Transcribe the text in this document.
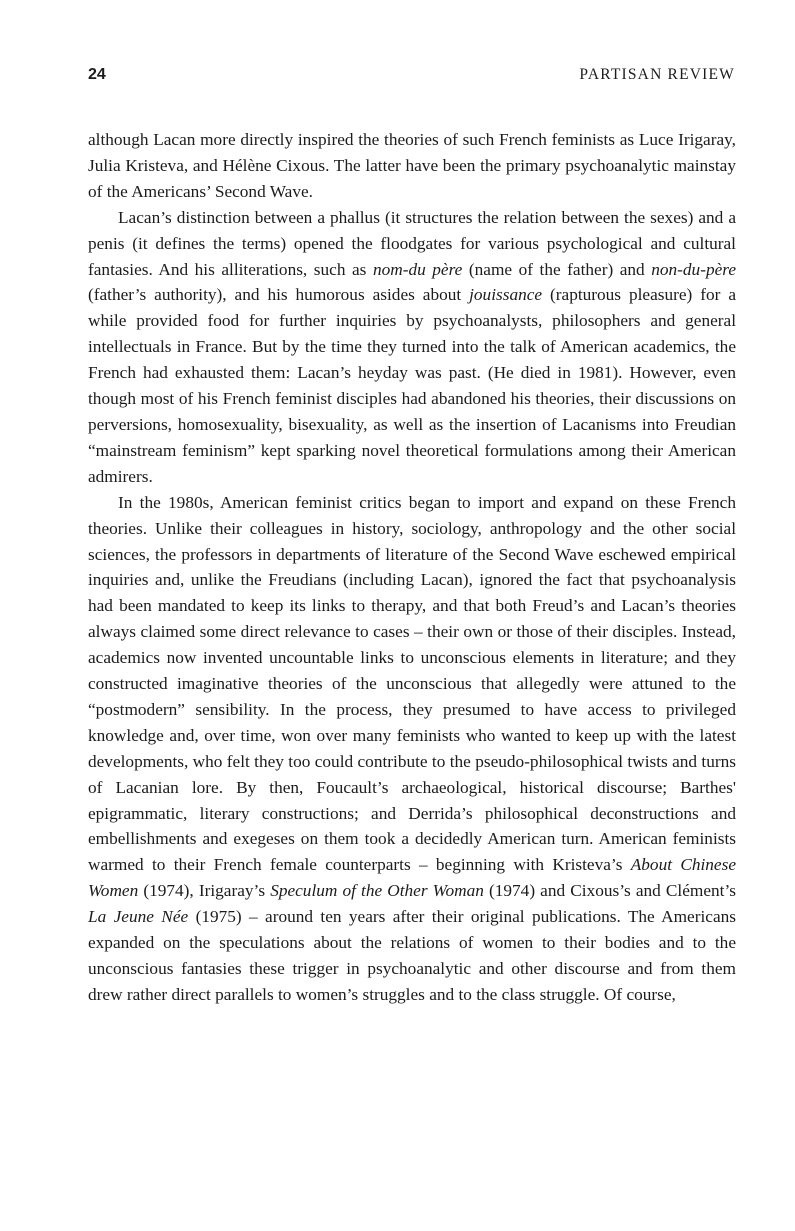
24	PARTISAN REVIEW

although Lacan more directly inspired the theories of such French feminists as Luce Irigaray, Julia Kristeva, and Hélène Cixous. The latter have been the primary psychoanalytic mainstay of the Americans’ Second Wave.

Lacan’s distinction between a phallus (it structures the relation between the sexes) and a penis (it defines the terms) opened the floodgates for various psychological and cultural fantasies. And his alliterations, such as nom-du père (name of the father) and non-du-père (father’s authority), and his humorous asides about jouissance (rapturous pleasure) for a while provided food for further inquiries by psychoanalysts, philosophers and general intellectuals in France. But by the time they turned into the talk of American academics, the French had exhausted them: Lacan’s heyday was past. (He died in 1981). However, even though most of his French feminist disciples had abandoned his theories, their discussions on perversions, homosexuality, bisexuality, as well as the insertion of Lacanisms into Freudian “mainstream feminism” kept sparking novel theoretical formulations among their American admirers.

In the 1980s, American feminist critics began to import and expand on these French theories. Unlike their colleagues in history, sociology, anthropology and the other social sciences, the professors in departments of literature of the Second Wave eschewed empirical inquiries and, unlike the Freudians (including Lacan), ignored the fact that psychoanalysis had been mandated to keep its links to therapy, and that both Freud’s and Lacan’s theories always claimed some direct relevance to cases – their own or those of their disciples. Instead, academics now invented uncountable links to unconscious elements in literature; and they constructed imaginative theories of the unconscious that allegedly were attuned to the “postmodern” sensibility. In the process, they presumed to have access to privileged knowledge and, over time, won over many feminists who wanted to keep up with the latest developments, who felt they too could contribute to the pseudo-philosophical twists and turns of Lacanian lore. By then, Foucault’s archaeological, historical discourse; Barthes' epigrammatic, literary constructions; and Derrida’s philosophical deconstructions and embellishments and exegeses on them took a decidedly American turn. American feminists warmed to their French female counterparts – beginning with Kristeva’s About Chinese Women (1974), Irigaray’s Speculum of the Other Woman (1974) and Cixous’s and Clément’s La Jeune Née (1975) – around ten years after their original publications. The Americans expanded on the speculations about the relations of women to their bodies and to the unconscious fantasies these trigger in psychoanalytic and other discourse and from them drew rather direct parallels to women’s struggles and to the class struggle. Of course,
